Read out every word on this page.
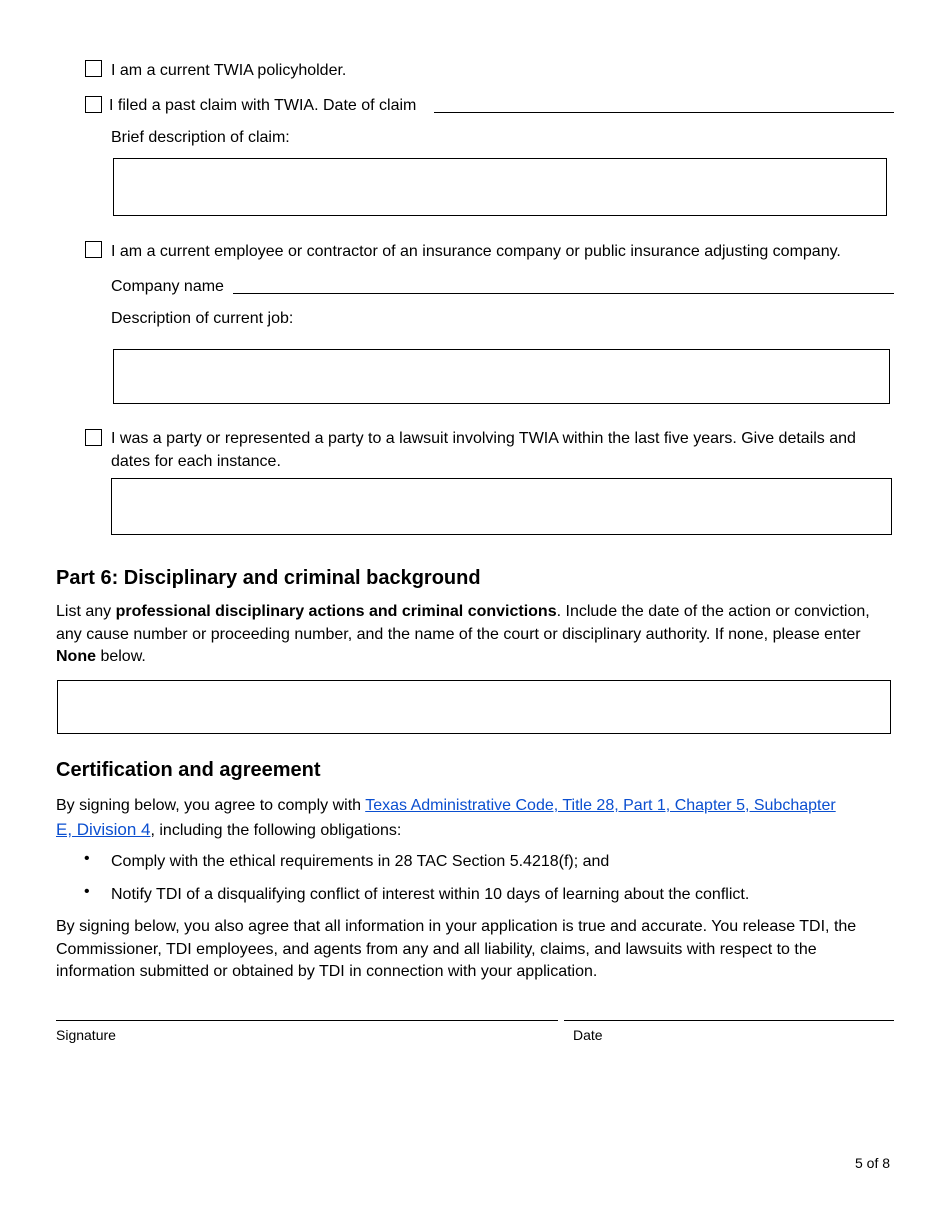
I am a current TWIA policyholder.
I filed a past claim with TWIA. Date of claim
Brief description of claim:
I am a current employee or contractor of an insurance company or public insurance adjusting company.
Company name
Description of current job:
I was a party or represented a party to a lawsuit involving TWIA within the last five years. Give details and
dates for each instance.
Part 6: Disciplinary and criminal background
List any professional disciplinary actions and criminal convictions. Include the date of the action or conviction, any cause number or proceeding number, and the name of the court or disciplinary authority. If none, please enter None below.
Certification and agreement
By signing below, you agree to comply with Texas Administrative Code, Title 28, Part 1, Chapter 5, Subchapter
E, Division 4, including the following obligations:
• Comply with the ethical requirements in 28 TAC Section 5.4218(f); and
• Notify TDI of a disqualifying conflict of interest within 10 days of learning about the conflict.
By signing below, you also agree that all information in your application is true and accurate. You release TDI, the Commissioner, TDI employees, and agents from any and all liability, claims, and lawsuits with respect to the information submitted or obtained by TDI in connection with your application.
Signature	Date
5 of 8
